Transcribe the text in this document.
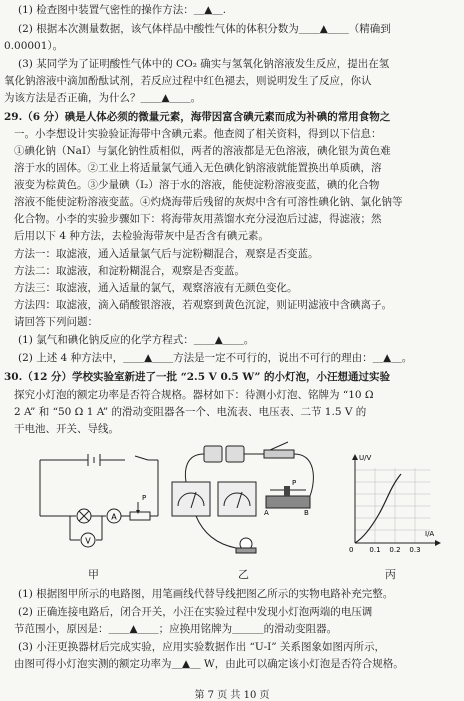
(1) 检查图中装置气密性的操作方法：＿▲＿.
(2) 根据本次测量数据，该气体样品中酸性气体的体积分数为＿＿▲＿＿（精确到
0.00001）。
(3) 某同学为了证明酸性气体中的 CO₂ 确实与氢氧化钠溶液发生反应，提出在氢
氧化钠溶液中滴加酚酞试剂，若反应过程中红色褪去，则说明发生了反应，你认
为该方法是否正确，为什么？＿＿▲＿＿。
29.（6 分）碘是人体必须的微量元素，海带因富含碘元素而成为补碘的常用食物之
一。小李想设计实验验证海带中含碘元素。他查阅了相关资料，得到以下信息：
①碘化钠（NaI）与氯化钠性质相似，两者的溶液都是无色溶液，碘化银为黄色难
溶于水的固体。②工业上将适量氯气通入无色碘化钠溶液就能置换出单质碘，溶
液变为棕黄色。③少量碘（I₂）溶于水的溶液，能使淀粉溶液变蓝，碘的化合物
溶液不能使淀粉溶液变蓝。④灼烧海带后残留的灰烬中含有可溶性碘化钠、氯化钠等
化合物。小李的实验步骤如下：将海带灰用蒸馏水充分浸泡后过滤，得滤液；然
后用以下 4 种方法，去检验海带灰中是否含有碘元素。
方法一：取滤液，通入适量氯气后与淀粉糊混合，观察是否变蓝。
方法二：取滤液，和淀粉糊混合，观察是否变蓝。
方法三：取滤液，通入适量的氯气，观察溶液有无颜色变化。
方法四：取滤液，滴入硝酸银溶液，若观察到黄色沉淀，则证明滤液中含碘离子。
请回答下列问题：
(1) 氯气和碘化钠反应的化学方程式：＿＿▲＿＿。
(2) 上述 4 种方法中，＿＿▲＿＿方法是一定不可行的，说出不可行的理由：＿▲＿。
30.（12 分）学校实验室新进了一批 “2.5 V 0.5 W” 的小灯泡，小汪想通过实验
探究小灯泡的额定功率是否符合规格。器材如下：待测小灯泡、铭牌为 “10 Ω
2 A” 和 “50 Ω 1 A” 的滑动变阻器各一个、电流表、电压表、二节 1.5 V 的
干电池、开关、导线。
A
V
P
甲
A	B
P
乙
U/V
I/A
0 0.1 0.2 0.3
丙
(1) 根据图甲所示的电路图，用笔画线代替导线把图乙所示的实物电路补充完整。
(2) 正确连接电路后，闭合开关，小汪在实验过程中发现小灯泡两端的电压调
节范围小，原因是：＿＿▲＿＿；应换用铭牌为＿＿＿的滑动变阻器。
(3) 小汪更换器材后完成实验，应用实验数据作出 “U-I” 关系图象如图丙所示，
由图可得小灯泡实测的额定功率为＿▲＿ W，由此可以确定该小灯泡是否符合规格。
第 7 页 共 10 页
